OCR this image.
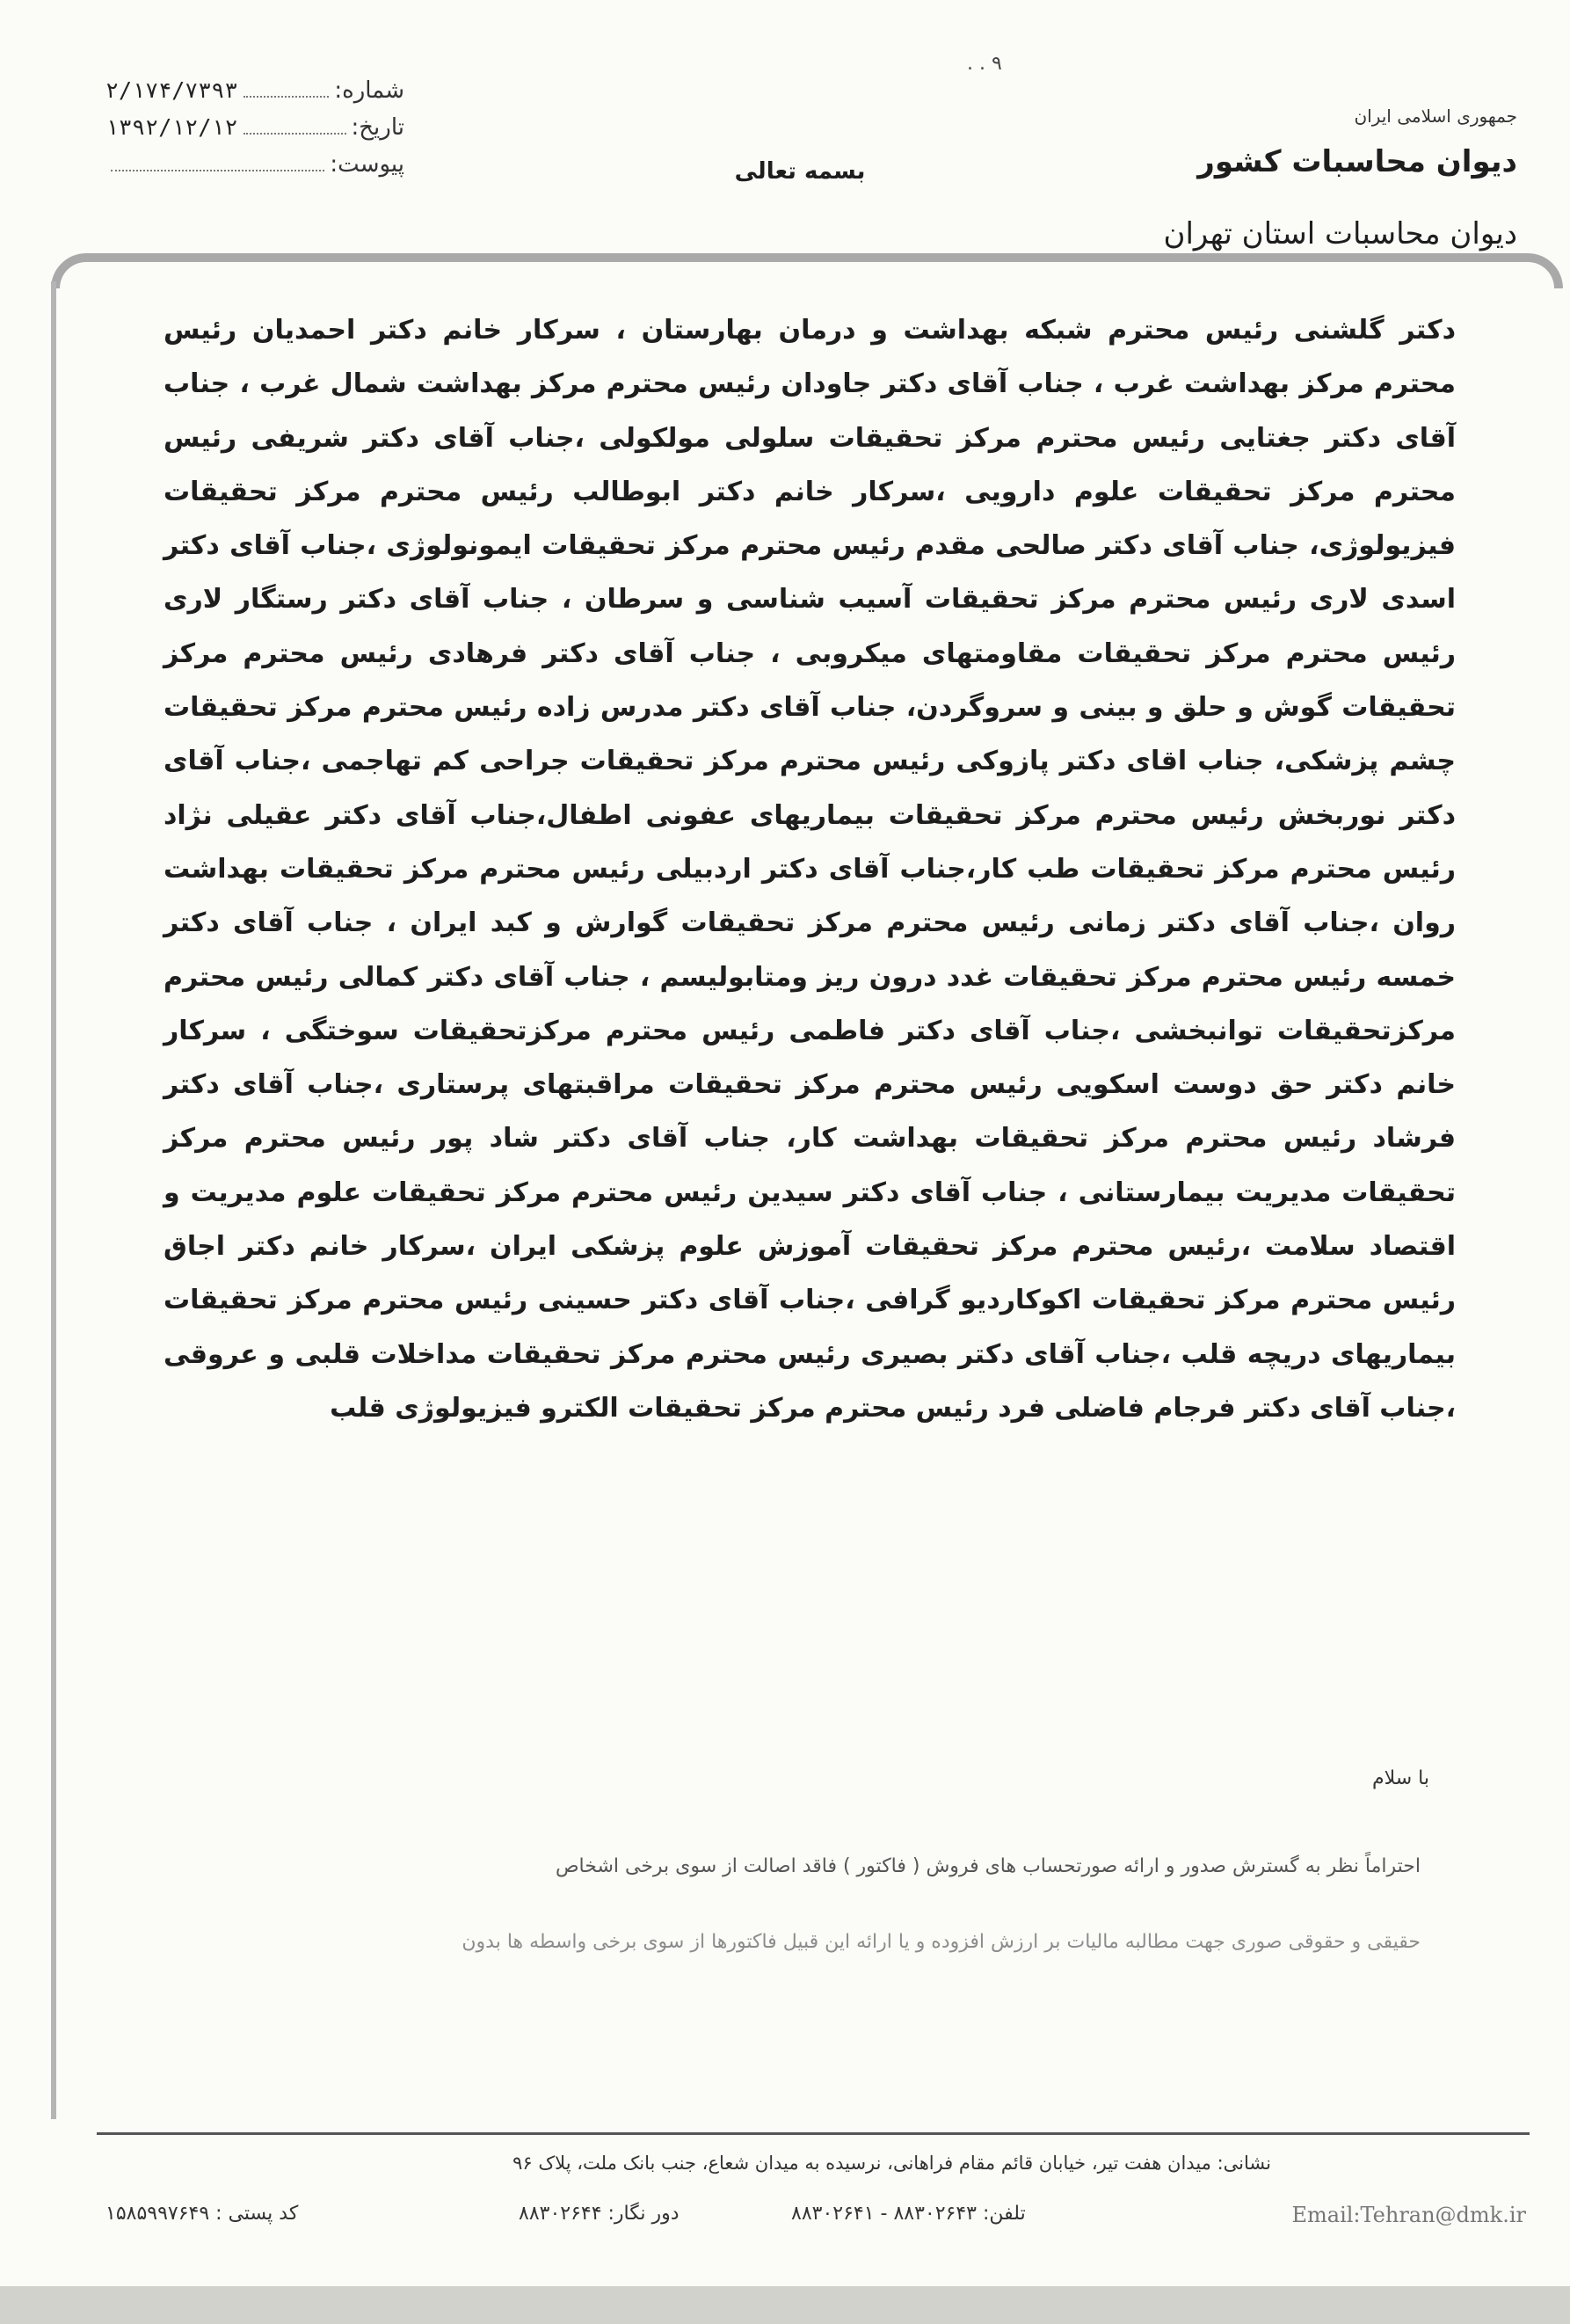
. . ۹
جمهوری اسلامی ایران
دیوان محاسبات کشور
دیوان محاسبات استان تهران
بسمه تعالی
شماره:
۲/۱۷۴/۷۳۹۳
تاریخ:
۱۳۹۲/۱۲/۱۲
پیوست:
دکتر گلشنی رئیس محترم شبکه بهداشت و درمان بهارستان ، سرکار خانم دکتر احمدیان رئیس محترم مرکز بهداشت غرب ، جناب آقای دکتر جاودان رئیس محترم مرکز بهداشت شمال غرب ، جناب آقای دکتر جغتایی رئیس محترم مرکز تحقیقات سلولی مولکولی ،جناب آقای دکتر شریفی رئیس محترم مرکز تحقیقات علوم دارویی ،سرکار خانم دکتر ابوطالب رئیس محترم مرکز تحقیقات فیزیولوژی، جناب آقای دکتر صالحی مقدم رئیس محترم مرکز تحقیقات ایمونولوژی ،جناب آقای دکتر اسدی لاری رئیس محترم مرکز تحقیقات آسیب شناسی و سرطان ، جناب آقای دکتر رستگار لاری رئیس محترم مرکز تحقیقات مقاومتهای میکروبی ، جناب آقای دکتر فرهادی رئیس محترم مرکز تحقیقات گوش و حلق و بینی و سروگردن، جناب آقای دکتر مدرس زاده رئیس محترم مرکز تحقیقات چشم پزشکی، جناب اقای دکتر پازوکی رئیس محترم مرکز تحقیقات جراحی کم تهاجمی ،جناب آقای دکتر نوربخش رئیس محترم مرکز تحقیقات بیماریهای عفونی اطفال،جناب آقای دکتر عقیلی نژاد رئیس محترم مرکز تحقیقات طب کار،جناب آقای دکتر اردبیلی رئیس محترم مرکز تحقیقات بهداشت روان ،جناب آقای دکتر زمانی رئیس محترم مرکز تحقیقات گوارش و کبد ایران ، جناب آقای دکتر خمسه رئیس محترم مرکز تحقیقات غدد درون ریز ومتابولیسم ، جناب آقای دکتر کمالی رئیس محترم مرکزتحقیقات توانبخشی ،جناب آقای دکتر فاطمی رئیس محترم مرکزتحقیقات سوختگی ، سرکار خانم دکتر حق دوست اسکویی رئیس محترم مرکز تحقیقات مراقبتهای پرستاری ،جناب آقای دکتر فرشاد رئیس محترم مرکز تحقیقات بهداشت کار، جناب آقای دکتر شاد پور رئیس محترم مرکز تحقیقات مدیریت بیمارستانی ، جناب آقای دکتر سیدین رئیس محترم مرکز تحقیقات علوم مدیریت و اقتصاد سلامت ،رئیس محترم مرکز تحقیقات آموزش علوم پزشکی ایران ،سرکار خانم دکتر اجاق رئیس محترم مرکز تحقیقات اکوکاردیو گرافی ،جناب آقای دکتر حسینی رئیس محترم مرکز تحقیقات بیماریهای دریچه قلب ،جناب آقای دکتر بصیری رئیس محترم مرکز تحقیقات مداخلات قلبی و عروقی ،جناب آقای دکتر فرجام فاضلی فرد رئیس محترم مرکز تحقیقات الکترو فیزیولوژی قلب
با سلام
احتراماً نظر به گسترش صدور و ارائه صورتحساب های فروش ( فاکتور ) فاقد اصالت از سوی برخی اشخاص
حقیقی و حقوقی صوری جهت مطالبه مالیات بر ارزش افزوده و یا ارائه این قبیل فاکتورها از سوی برخی واسطه ها بدون
نشانی: میدان هفت تیر، خیابان قائم مقام فراهانی، نرسیده به میدان شعاع، جنب بانک ملت، پلاک ۹۶
Email:Tehran@dmk.ir
تلفن: ۸۸۳۰۲۶۴۳ - ۸۸۳۰۲۶۴۱
دور نگار: ۸۸۳۰۲۶۴۴
کد پستی : ۱۵۸۵۹۹۷۶۴۹
